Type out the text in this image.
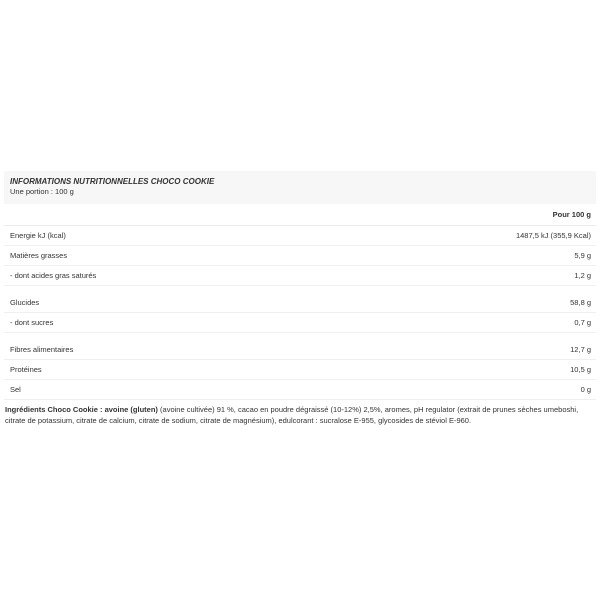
INFORMATIONS NUTRITIONNELLES CHOCO COOKIE
Une portion : 100 g
Pour 100 g
Energie kJ (kcal)	1487,5 kJ (355,9 Kcal)
Matières grasses	5,9 g
- dont acides gras saturés	1,2 g
Glucides	58,8 g
- dont sucres	0,7 g
Fibres alimentaires	12,7 g
Protéines	10,5 g
Sel	0 g
Ingrédients Choco Cookie : avoine (gluten) (avoine cultivée) 91 %, cacao en poudre dégraissé (10-12%) 2,5%, aromes, pH regulator (extrait de prunes sèches umeboshi, citrate de potassium, citrate de calcium, citrate de sodium, citrate de magnésium), edulcorant : sucralose E-955, glycosides de stéviol E-960.
